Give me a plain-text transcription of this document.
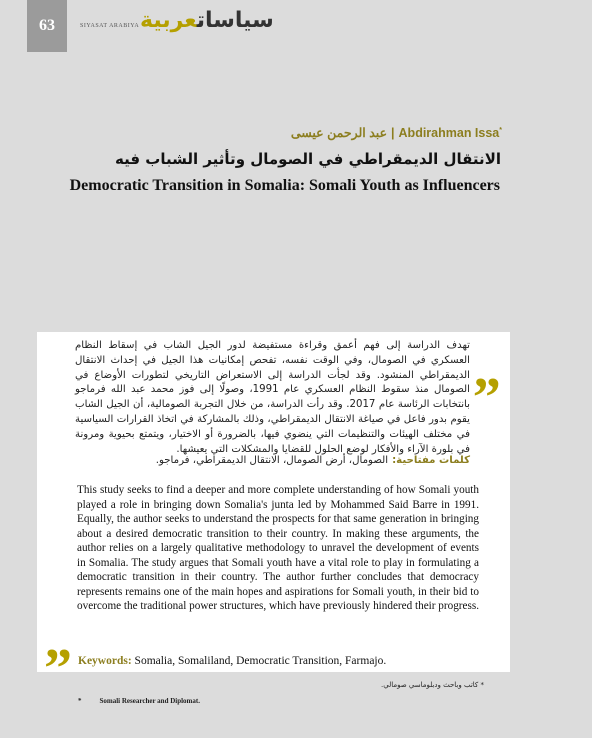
63	سياساتعربية
SIYASAT ARABIYA
عبد الرحمن عيسى | Abdirahman Issa*
الانتقال الديمقراطي في الصومال وتأثير الشباب فيه
Democratic Transition in Somalia: Somali Youth as Influencers
“
تهدف الدراسة إلى فهم أعمق وقراءة مستفيضة لدور الجيل الشاب في إسقاط النظام العسكري في الصومال، وفي الوقت نفسه، تفحص إمكانيات هذا الجيل في إحداث الانتقال الديمقراطي المنشود. وقد لجأت الدراسة إلى الاستعراض التاريخي لتطورات الأوضاع في الصومال منذ سقوط النظام العسكري عام 1991، وصولًا إلى فوز محمد عبد الله فرماجو بانتخابات الرئاسة عام 2017. وقد رأت الدراسة، من خلال التجربة الصومالية، أن الجيل الشاب يقوم بدور فاعل في صياغة الانتقال الديمقراطي، وذلك بالمشاركة في اتخاذ القرارات السياسية في مختلف الهيئات والتنظيمات التي ينضوي فيها، بالضرورة أو الاختيار، ويتمتع بحيوية ومرونة في بلورة الآراء والأفكار لوضع الحلول للقضايا والمشكلات التي يعيشها.
كلمات مفتاحية:الصومال، أرض الصومال، الانتقال الديمقراطي، فرماجو.
This study seeks to find a deeper and more complete understanding of how Somali youth played a role in bringing down Somalia's junta led by Mohammed Said Barre in 1991. Equally, the author seeks to understand the prospects for that same generation in bringing about a desired democratic transition to their country. In making these arguments, the author relies on a largely qualitative methodology to unravel the development of events in Somalia. The study argues that Somali youth have a vital role to play in formulating a democratic transition in their country. The author further concludes that democracy represents remains one of the main hopes and aspirations for Somali youth, in their bid to overcome the traditional power structures, which have previously hindered their progress.
” Keywords: Somalia, Somaliland, Democratic Transition, Farmajo.
* كاتب وباحث ودبلوماسي صومالي.
*	Somali Researcher and Diplomat.
